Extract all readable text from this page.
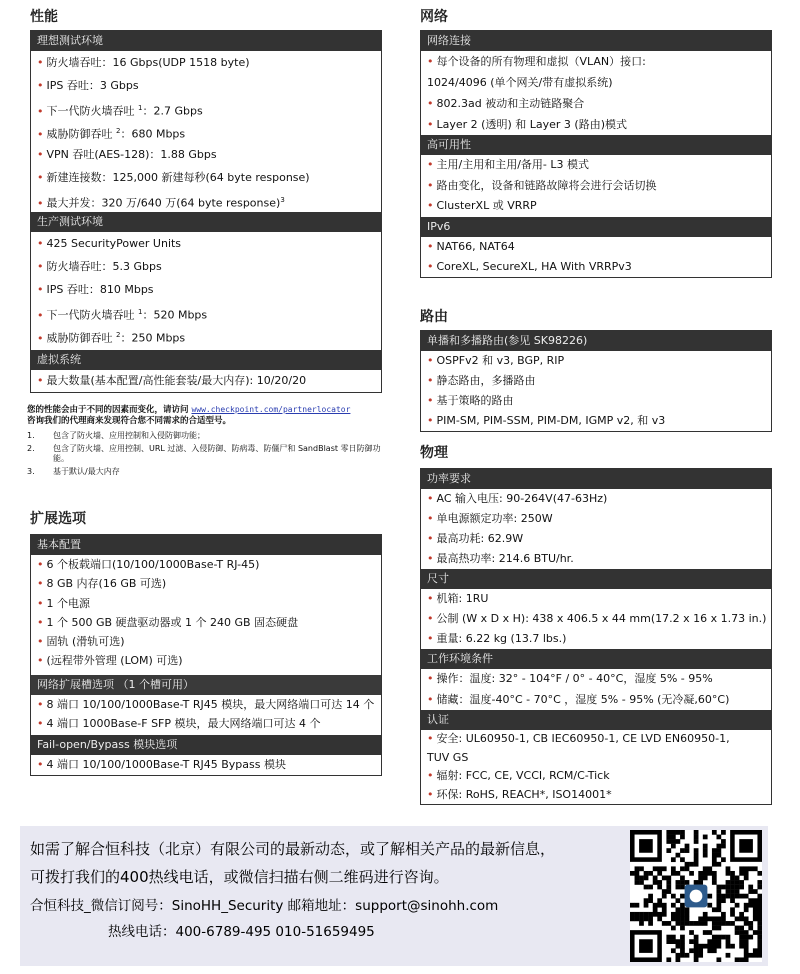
性能
理想测试环境
• 防火墙吞吐：16 Gbps(UDP 1518 byte)
• IPS 吞吐：3 Gbps
• 下一代防火墙吞吐 $^1$：2.7 Gbps
• 威胁防御吞吐 $^2$：680 Mbps
• VPN 吞吐(AES-128)：1.88 Gbps
• 新建连接数：125,000 新建每秒(64 byte response)
• 最大并发：320 万/640 万(64 byte response)$^3$
生产测试环境
• 425 SecurityPower Units
• 防火墙吞吐：5.3 Gbps
• IPS 吞吐：810 Mbps
• 下一代防火墙吞吐 $^1$：520 Mbps
• 威胁防御吞吐 $^2$：250 Mbps
虚拟系统
• 最大数量(基本配置/高性能套装/最大内存): 10/20/20
您的性能会由于不同的因素而变化，请访问 www.checkpoint.com/partnerlocator
咨询我们的代理商来发现符合您不同需求的合适型号。
1.	包含了防火墙、应用控制和入侵防御功能；
2.	包含了防火墙、应用控制、URL 过滤、入侵防御、防病毒、防僵尸和 SandBlast 零日防御功能。
3.	基于默认/最大内存
扩展选项
基本配置
• 6 个板载端口(10/100/1000Base-T RJ-45)
• 8 GB 内存(16 GB 可选)
• 1 个电源
• 1 个 500 GB 硬盘驱动器或 1 个 240 GB 固态硬盘
• 固轨 (滑轨可选)
• (远程带外管理 (LOM) 可选)
网络扩展槽选项 （1 个槽可用）
• 8 端口 10/100/1000Base-T RJ45 模块，最大网络端口可达 14 个
• 4 端口 1000Base-F SFP 模块，最大网络端口可达 4 个
Fail-open/Bypass 模块选项
• 4 端口 10/100/1000Base-T RJ45 Bypass 模块
网络
网络连接
• 每个设备的所有物理和虚拟（VLAN）接口:
1024/4096 (单个网关/带有虚拟系统)
• 802.3ad 被动和主动链路聚合
• Layer 2 (透明) 和 Layer 3 (路由)模式
高可用性
• 主用/主用和主用/备用- L3 模式
• 路由变化，设备和链路故障将会进行会话切换
• ClusterXL 或 VRRP
IPv6
• NAT66, NAT64
• CoreXL, SecureXL, HA With VRRPv3
路由
单播和多播路由(参见 SK98226)
• OSPFv2 和 v3, BGP, RIP
• 静态路由，多播路由
• 基于策略的路由
• PIM-SM, PIM-SSM, PIM-DM, IGMP v2, 和 v3
物理
功率要求
• AC 输入电压: 90-264V(47-63Hz)
• 单电源额定功率: 250W
• 最高功耗: 62.9W
• 最高热功率: 214.6 BTU/hr.
尺寸
• 机箱: 1RU
• 公制 (W x D x H): 438 x 406.5 x 44 mm(17.2 x 16 x 1.73 in.)
• 重量: 6.22 kg (13.7 lbs.)
工作环境条件
• 操作：温度: 32° - 104°F / 0° - 40°C，湿度 5% - 95%
• 储藏：温度-40°C - 70°C ，湿度 5% - 95% (无冷凝,60°C)
认证
• 安全: UL60950-1, CB IEC60950-1, CE LVD EN60950-1,
TUV GS
• 辐射: FCC, CE, VCCI, RCM/C-Tick
• 环保: RoHS, REACH*, ISO14001*
如需了解合恒科技（北京）有限公司的最新动态，或了解相关产品的最新信息，
可拨打我们的400热线电话，或微信扫描右侧二维码进行咨询。
合恒科技_微信订阅号：SinoHH_Security 邮箱地址：support@sinohh.com
热线电话：400-6789-495 010-51659495
